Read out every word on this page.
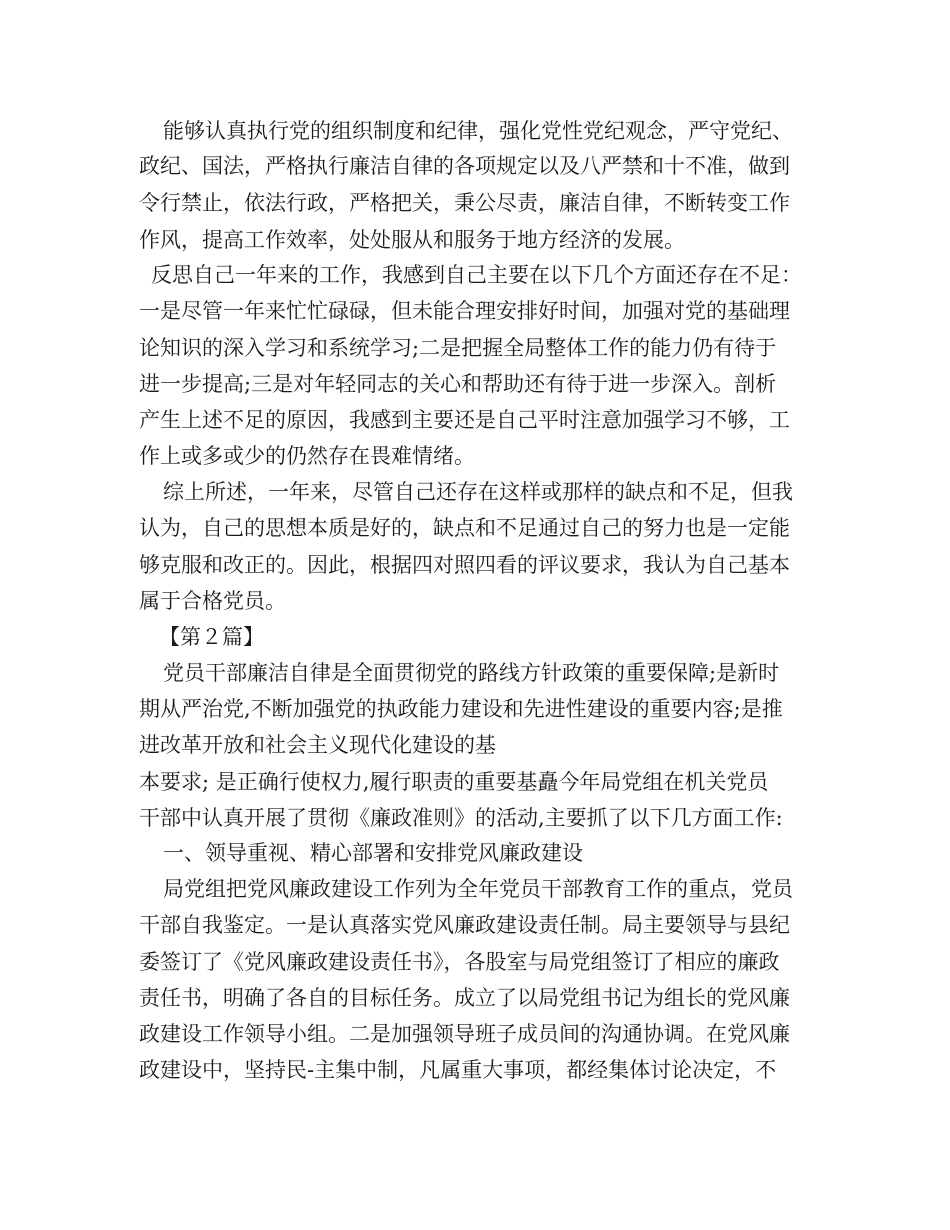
能够认真执行党的组织制度和纪律，强化党性党纪观念，严守党纪、
政纪、国法，严格执行廉洁自律的各项规定以及八严禁和十不准，做到
令行禁止，依法行政，严格把关，秉公尽责，廉洁自律，不断转变工作
作风，提高工作效率，处处服从和服务于地方经济的发展。
反思自己一年来的工作，我感到自己主要在以下几个方面还存在不足：
一是尽管一年来忙忙碌碌，但未能合理安排好时间，加强对党的基础理
论知识的深入学习和系统学习;二是把握全局整体工作的能力仍有待于
进一步提高;三是对年轻同志的关心和帮助还有待于进一步深入。剖析
产生上述不足的原因，我感到主要还是自己平时注意加强学习不够，工
作上或多或少的仍然存在畏难情绪。
综上所述，一年来，尽管自己还存在这样或那样的缺点和不足，但我
认为，自己的思想本质是好的，缺点和不足通过自己的努力也是一定能
够克服和改正的。因此，根据四对照四看的评议要求，我认为自己基本
属于合格党员。
【第２篇】
党员干部廉洁自律是全面贯彻党的路线方针政策的重要保障;是新时
期从严治党,不断加强党的执政能力建设和先进性建设的重要内容;是推
进改革开放和社会主义现代化建设的基
本要求; 是正确行使权力,履行职责的重要基矗今年局党组在机关党员
干部中认真开展了贯彻《廉政准则》的活动,主要抓了以下几方面工作:
一、领导重视、精心部署和安排党风廉政建设
局党组把党风廉政建设工作列为全年党员干部教育工作的重点，党员
干部自我鉴定。一是认真落实党风廉政建设责任制。局主要领导与县纪
委签订了《党风廉政建设责任书》，各股室与局党组签订了相应的廉政
责任书，明确了各自的目标任务。成立了以局党组书记为组长的党风廉
政建设工作领导小组。二是加强领导班子成员间的沟通协调。在党风廉
政建设中，坚持民-主集中制，凡属重大事项，都经集体讨论决定，不
